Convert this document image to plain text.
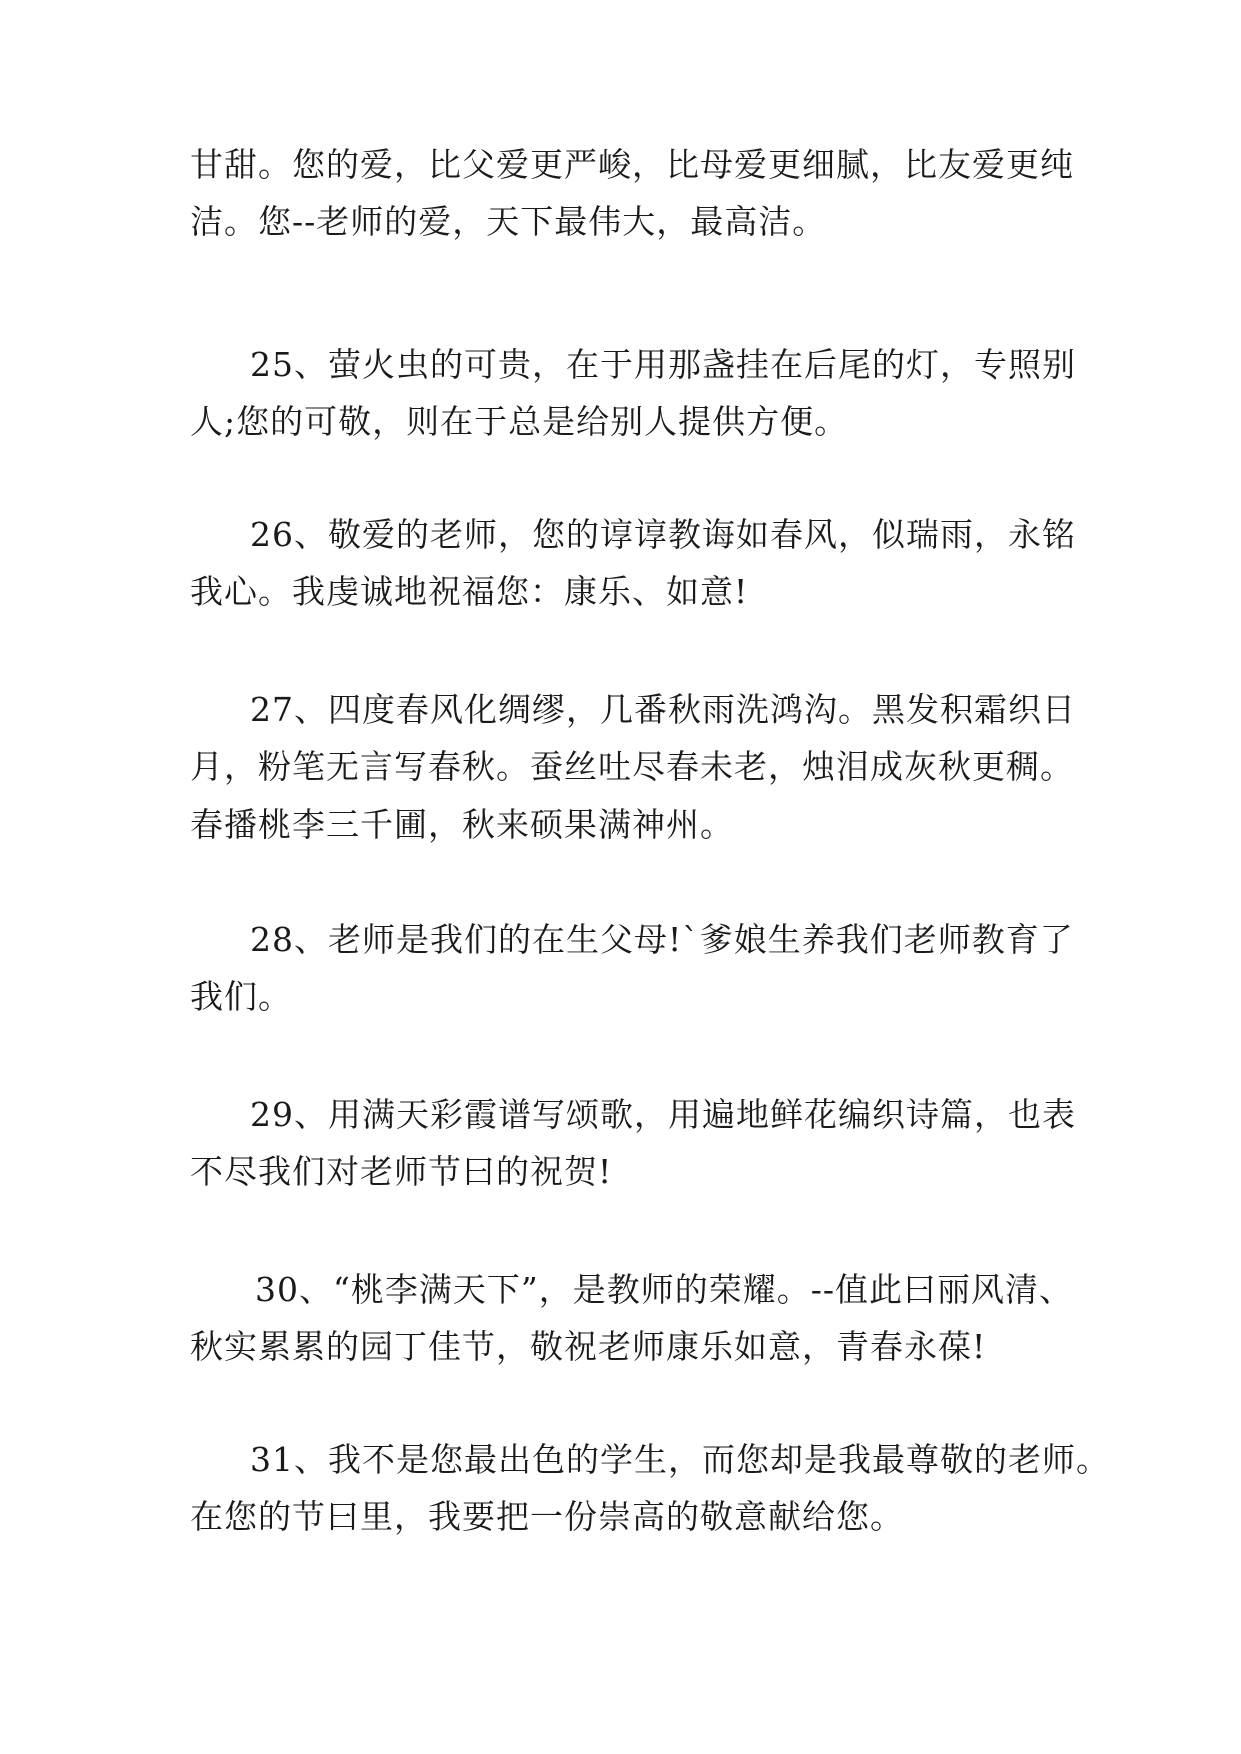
甘甜。您的爱，比父爱更严峻，比母爱更细腻，比友爱更纯
洁。您--老师的爱，天下最伟大，最高洁。
25、萤火虫的可贵，在于用那盏挂在后尾的灯，专照别
人;您的可敬，则在于总是给别人提供方便。
26、敬爱的老师，您的谆谆教诲如春风，似瑞雨，永铭
我心。我虔诚地祝福您：康乐、如意!
27、四度春风化绸缪，几番秋雨洗鸿沟。黑发积霜织日
月，粉笔无言写春秋。蚕丝吐尽春未老，烛泪成灰秋更稠。
春播桃李三千圃，秋来硕果满神州。
28、老师是我们的在生父母!`爹娘生养我们老师教育了
我们。
29、用满天彩霞谱写颂歌，用遍地鲜花编织诗篇，也表
不尽我们对老师节曰的祝贺!
30、“桃李满天下”，是教师的荣耀。--值此曰丽风清、
秋实累累的园丁佳节，敬祝老师康乐如意，青春永葆!
31、我不是您最出色的学生，而您却是我最尊敬的老师。
在您的节曰里，我要把一份崇高的敬意献给您。
